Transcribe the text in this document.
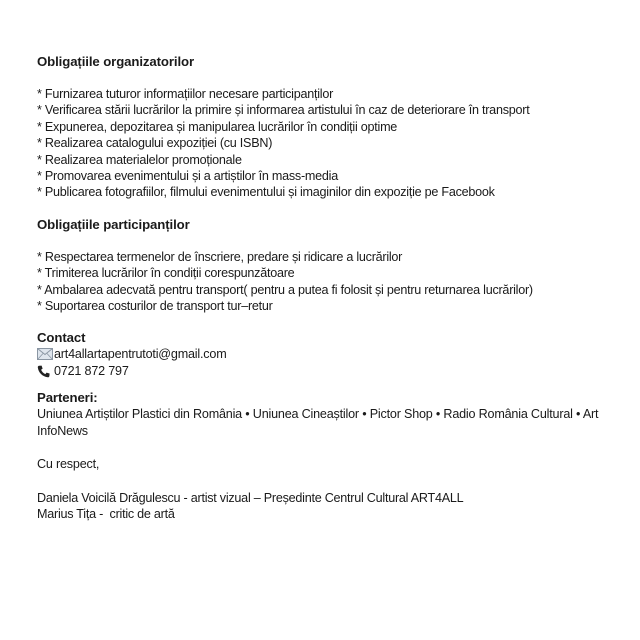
Obligațiile organizatorilor
* Furnizarea tuturor informațiilor necesare participanților
* Verificarea stării lucrărilor la primire și informarea artistului în caz de deteriorare în transport
* Expunerea, depozitarea și manipularea lucrărilor în condiții optime
* Realizarea catalogului expoziției (cu ISBN)
* Realizarea materialelor promoționale
* Promovarea evenimentului și a artiștilor în mass-media
* Publicarea fotografiilor, filmului evenimentului și imaginilor din expoziție pe Facebook
Obligațiile participanților
* Respectarea termenelor de înscriere, predare și ridicare a lucrărilor
* Trimiterea lucrărilor în condiții corespunzătoare
* Ambalarea adecvată pentru transport( pentru a putea fi folosit și pentru returnarea lucrărilor)
* Suportarea costurilor de transport tur–retur
Contact
art4allartapentrutoti@gmail.com
0721 872 797
Parteneri:
Uniunea Artiștilor Plastici din România • Uniunea Cineaștilor • Pictor Shop • Radio România Cultural • Art InfoNews
Cu respect,
Daniela Voicilă Drăgulescu - artist vizual – Președinte Centrul Cultural ART4ALL
Marius Tița -  critic de artă
